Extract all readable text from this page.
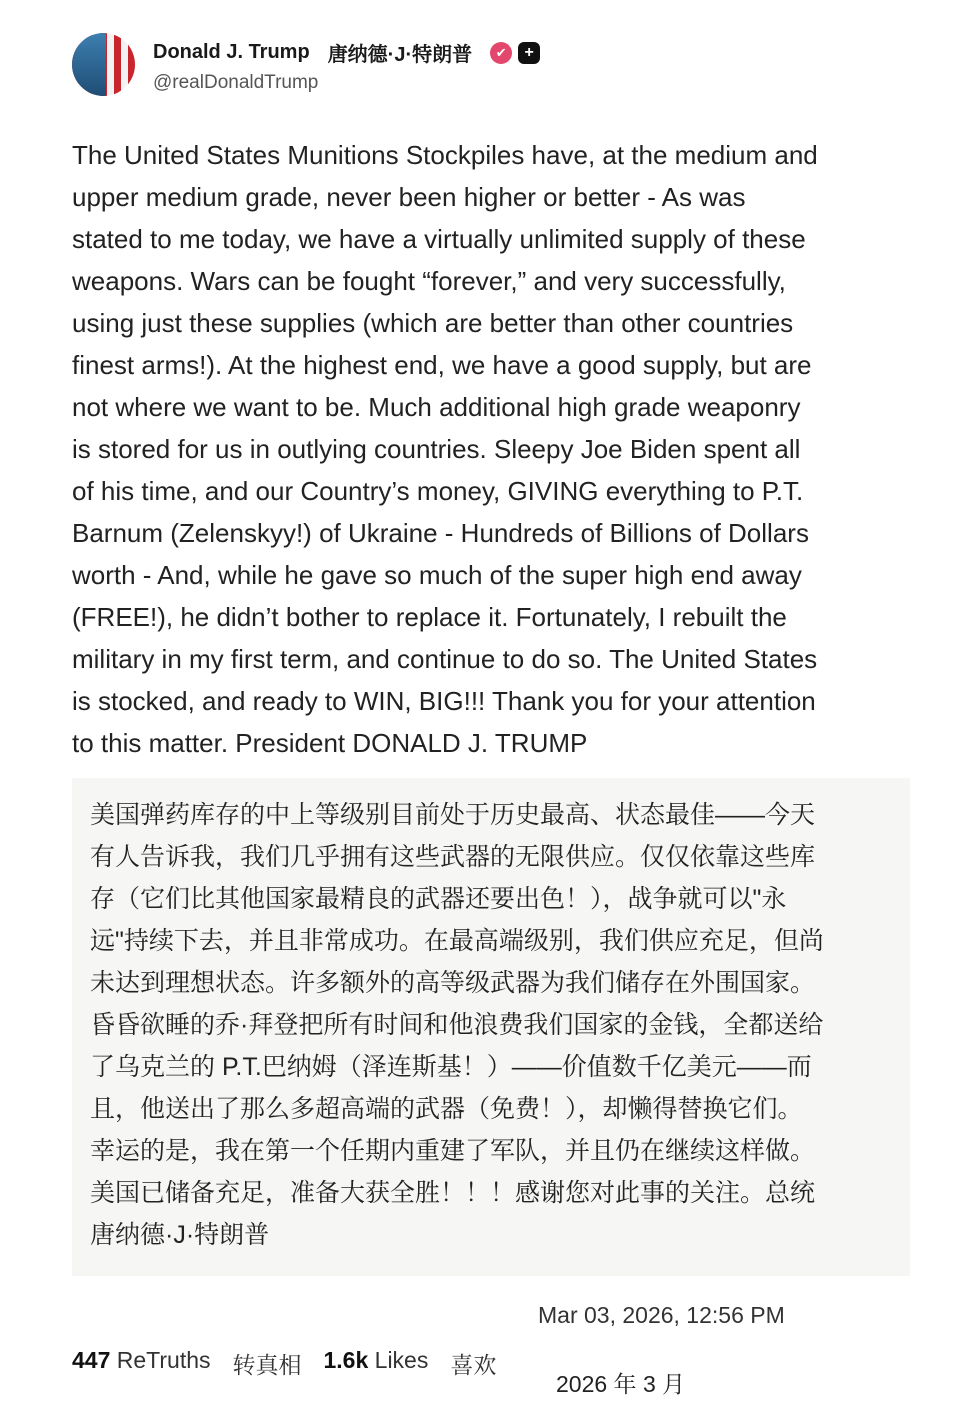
Donald J. Trump 唐纳德·J·特朗普	✔	+
@realDonaldTrump
The United States Munitions Stockpiles have, at the medium and
upper medium grade, never been higher or better - As was
stated to me today, we have a virtually unlimited supply of these
weapons. Wars can be fought “forever,” and very successfully,
using just these supplies (which are better than other countries
finest arms!). At the highest end, we have a good supply, but are
not where we want to be. Much additional high grade weaponry
is stored for us in outlying countries. Sleepy Joe Biden spent all
of his time, and our Country’s money, GIVING everything to P.T.
Barnum (Zelenskyy!) of Ukraine - Hundreds of Billions of Dollars
worth - And, while he gave so much of the super high end away
(FREE!), he didn’t bother to replace it. Fortunately, I rebuilt the
military in my first term, and continue to do so. The United States
is stocked, and ready to WIN, BIG!!! Thank you for your attention
to this matter. President DONALD J. TRUMP
美国弹药库存的中上等级别目前处于历史最高、状态最佳——今天
有人告诉我，我们几乎拥有这些武器的无限供应。仅仅依靠这些库
存（它们比其他国家最精良的武器还要出色！），战争就可以"永
远"持续下去，并且非常成功。在最高端级别，我们供应充足，但尚
未达到理想状态。许多额外的高等级武器为我们储存在外围国家。
昏昏欲睡的乔·拜登把所有时间和他浪费我们国家的金钱，全都送给
了乌克兰的 P.T.巴纳姆（泽连斯基！）——价值数千亿美元——而
且，他送出了那么多超高端的武器（免费！），却懒得替换它们。
幸运的是，我在第一个任期内重建了军队，并且仍在继续这样做。
美国已储备充足，准备大获全胜！！！感谢您对此事的关注。总统
唐纳德·J·特朗普
Mar 03, 2026, 12:56 PM
447 ReTruths 转真相 1.6k Likes 喜欢
2026 年 3 月
